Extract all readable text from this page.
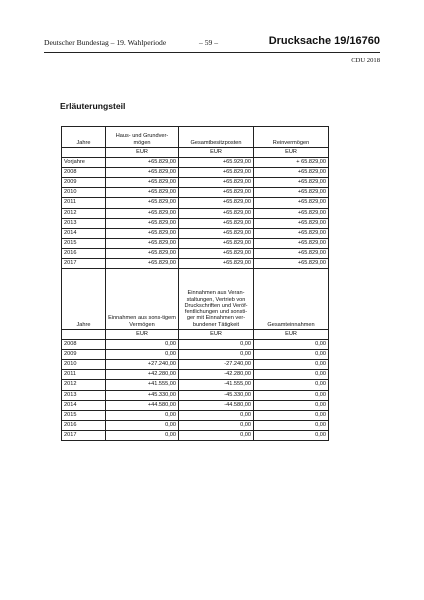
Deutscher Bundestag – 19. Wahlperiode	– 59 –	Drucksache 19/16760
CDU 2018
Erläuterungsteil
Jahre	Haus- und Grundver-mögen	Gesamtbesitzposten	Reinvermögen
	EUR	EUR	EUR
Vorjahre	+65.829,00	+65.929,00	+ 65.829,00
2008	+65.829,00	+65.829,00	+65.829,00
2009	+65.829,00	+65.829,00	+65.829,00
2010	+65.829,00	+65.829,00	+65.829,00
2011	+65.829,00	+65.829,00	+65.829,00
2012	+65.829,00	+65.829,00	+65.829,00
2013	+65.829,00	+65.829,00	+65.829,00
2014	+65.829,00	+65.829,00	+65.829,00
2015	+65.829,00	+65.829,00	+65.829,00
2016	+65.829,00	+65.829,00	+65.829,00
2017	+65.829,00	+65.829,00	+65.829,00
Jahre	Einnahmen aus sons-tigem Vermögen	Einnahmen aus Veran-staltungen, Vertrieb von Druckschriften und Veröf-fentlichungen und sonsti-ger mit Einnahmen ver-bundener Tätigkeit	Gesamteinnahmen
	EUR	EUR	EUR
2008	0,00	0,00	0,00
2009	0,00	0,00	0,00
2010	+27.240,00	-27.240,00	0,00
2011	+42.280,00	-42.280,00	0,00
2012	+41.555,00	-41.555,00	0,00
2013	+45.330,00	-45.330,00	0,00
2014	+44.580,00	-44.580,00	0,00
2015	0,00	0,00	0,00
2016	0,00	0,00	0,00
2017	0,00	0,00	0,00
